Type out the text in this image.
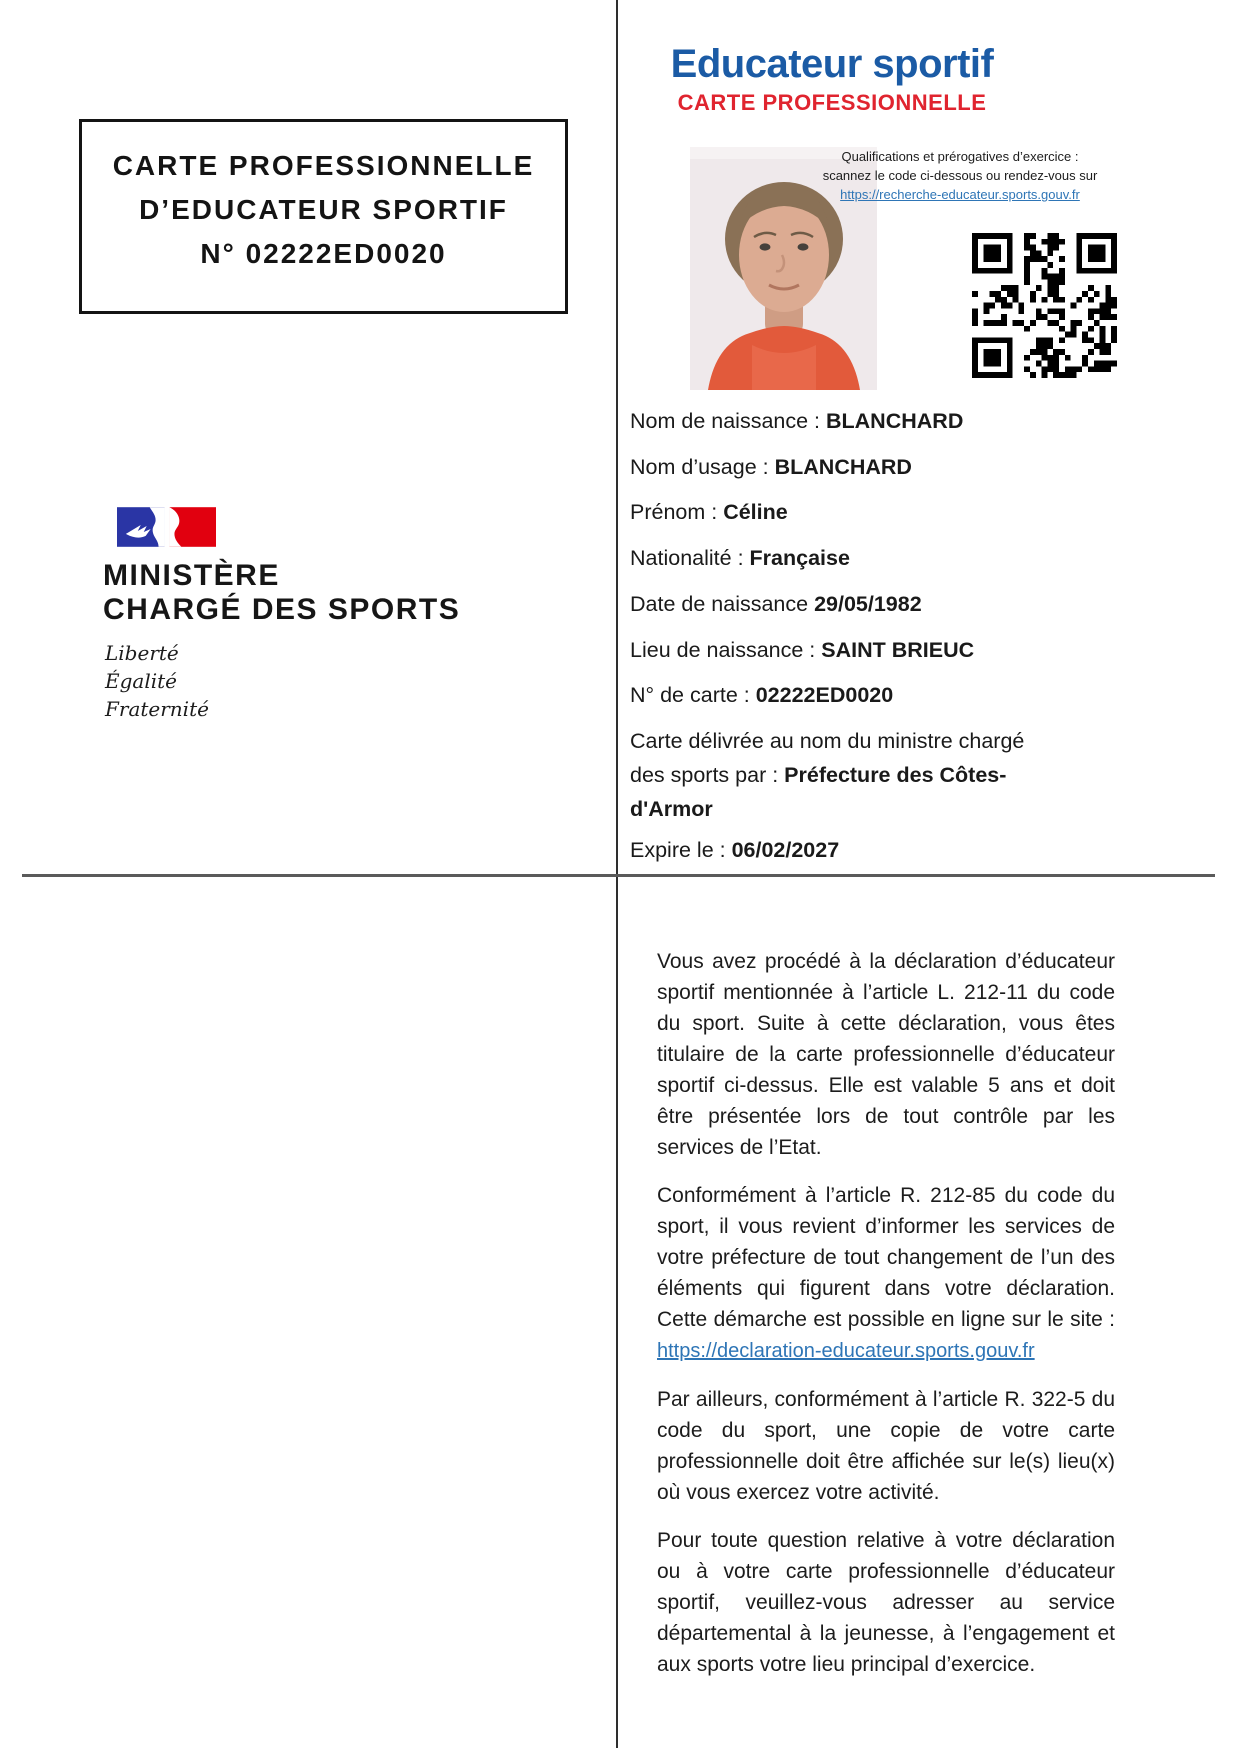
CARTE PROFESSIONNELLE
D’EDUCATEUR SPORTIF
N° 02222ED0020
MINISTÈRE
CHARGÉ DES SPORTS
Liberté
Égalité
Fraternité
Educateur sportif
CARTE PROFESSIONNELLE
Qualifications et prérogatives d’exercice :
scannez le code ci-dessous ou rendez-vous sur
https://recherche-educateur.sports.gouv.fr
Nom de naissance : BLANCHARD
Nom d’usage : BLANCHARD
Prénom : Céline
Nationalité : Française
Date de naissance 29/05/1982
Lieu de naissance : SAINT BRIEUC
N° de carte : 02222ED0020
Carte délivrée au nom du ministre chargé des sports par : Préfecture des Côtes-d'Armor
Expire le : 06/02/2027

Vous avez procédé à la déclaration d’éducateur sportif mentionnée à l’article L. 212-11 du code du sport. Suite à cette déclaration, vous êtes titulaire de la carte professionnelle d’éducateur sportif ci-dessus. Elle est valable 5 ans et doit être présentée lors de tout contrôle par les services de l’Etat.

Conformément à l’article R. 212-85 du code du sport, il vous revient d’informer les services de votre préfecture de tout changement de l’un des éléments qui figurent dans votre déclaration. Cette démarche est possible en ligne sur le site : https://declaration-educateur.sports.gouv.fr

Par ailleurs, conformément à l’article R. 322-5 du code du sport, une copie de votre carte professionnelle doit être affichée sur le(s) lieu(x) où vous exercez votre activité.

Pour toute question relative à votre déclaration ou à votre carte professionnelle d’éducateur sportif, veuillez-vous adresser au service départemental à la jeunesse, à l’engagement et aux sports votre lieu principal d’exercice.
